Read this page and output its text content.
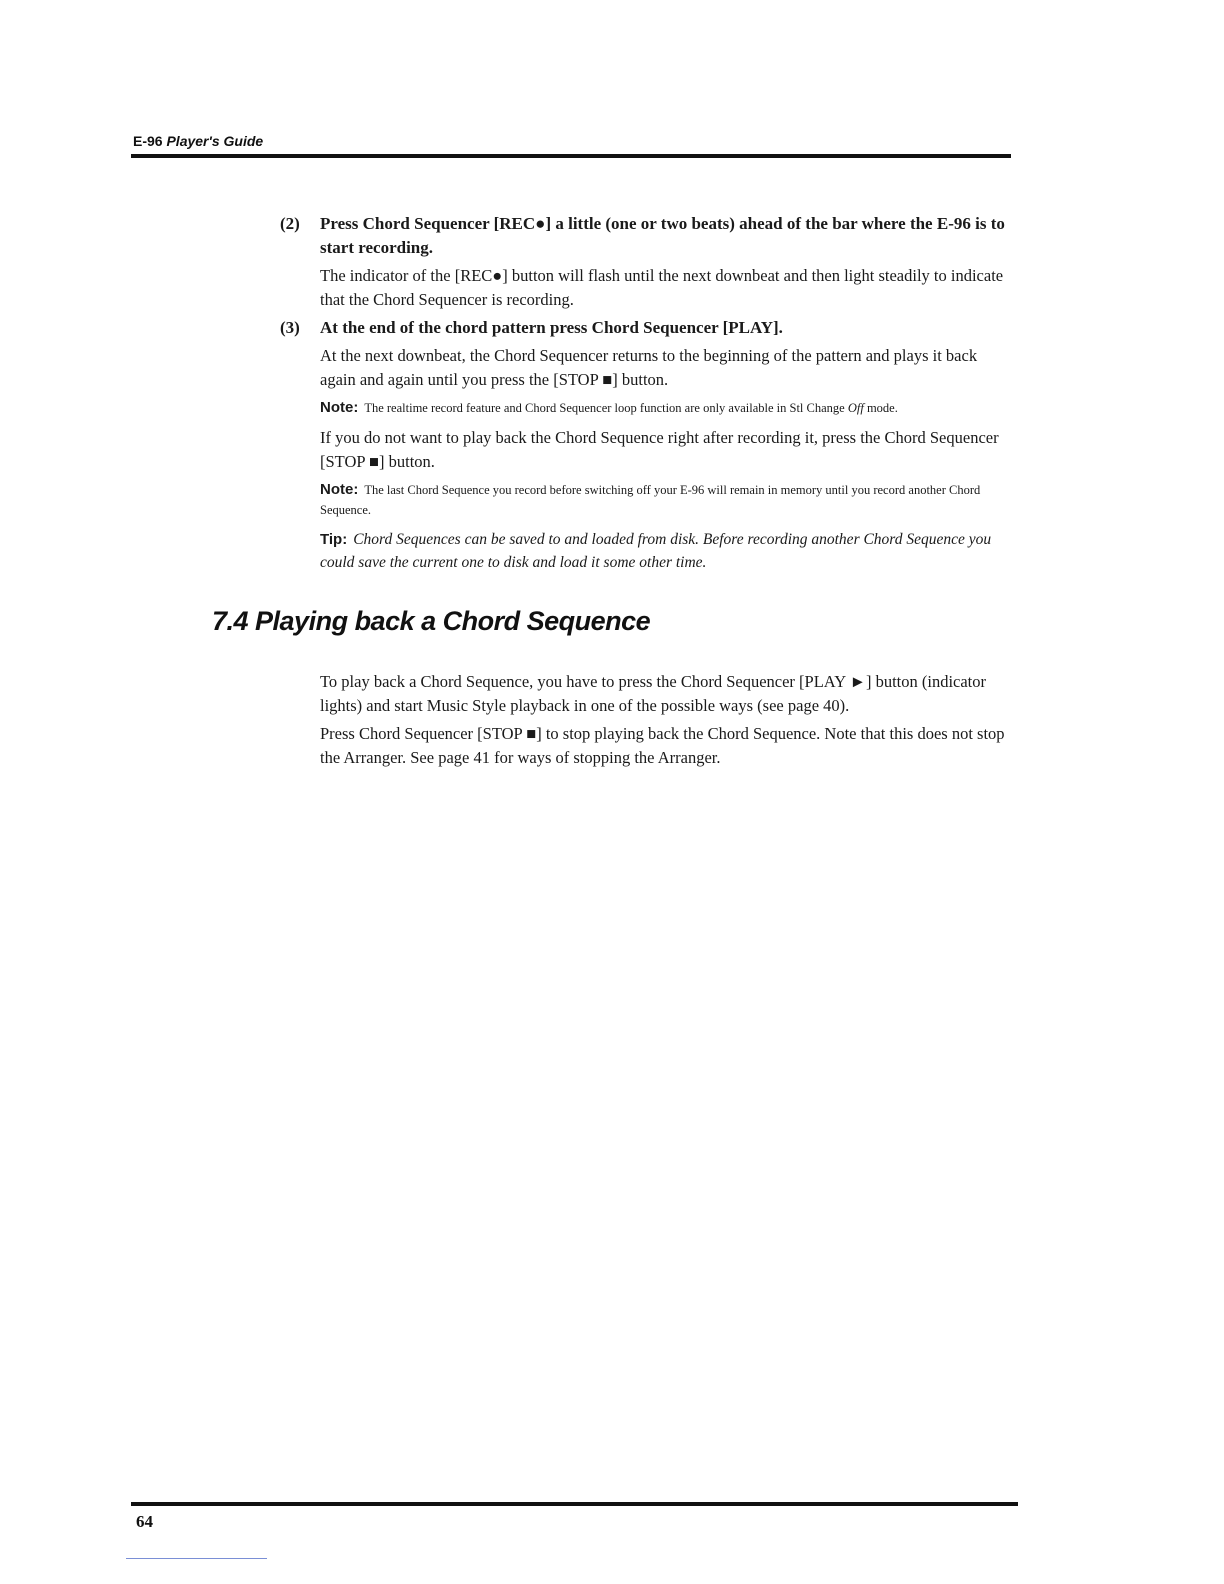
E-96 Player's Guide
(2) Press Chord Sequencer [REC●] a little (one or two beats) ahead of the bar where the E-96 is to start recording.

The indicator of the [REC●] button will flash until the next downbeat and then light steadily to indicate that the Chord Sequencer is recording.

(3) At the end of the chord pattern press Chord Sequencer [PLAY].

At the next downbeat, the Chord Sequencer returns to the beginning of the pattern and plays it back again and again until you press the [STOP ■] button.

Note: The realtime record feature and Chord Sequencer loop function are only available in Stl Change Off mode.

If you do not want to play back the Chord Sequence right after recording it, press the Chord Sequencer [STOP ■] button.

Note: The last Chord Sequence you record before switching off your E-96 will remain in memory until you record another Chord Sequence.

Tip: Chord Sequences can be saved to and loaded from disk. Before recording another Chord Sequence you could save the current one to disk and load it some other time.

7.4 Playing back a Chord Sequence

To play back a Chord Sequence, you have to press the Chord Sequencer [PLAY ►] button (indicator lights) and start Music Style playback in one of the possible ways (see page 40).

Press Chord Sequencer [STOP ■] to stop playing back the Chord Sequence. Note that this does not stop the Arranger. See page 41 for ways of stopping the Arranger.

64
